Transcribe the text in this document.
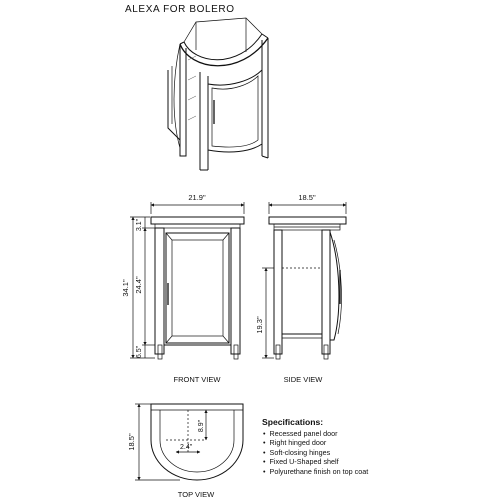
ALEXA FOR BOLERO
21.9"
34.1"
3.1"
24.4"
6.5"
FRONT VIEW
18.5"
19.3"
SIDE VIEW
18.5"
8.9"
2.4"
TOP VIEW
Specifications:
• Recessed panel door
• Right hinged door
• Soft-closing hinges
• Fixed U-Shaped shelf
• Polyurethane finish on top coat
